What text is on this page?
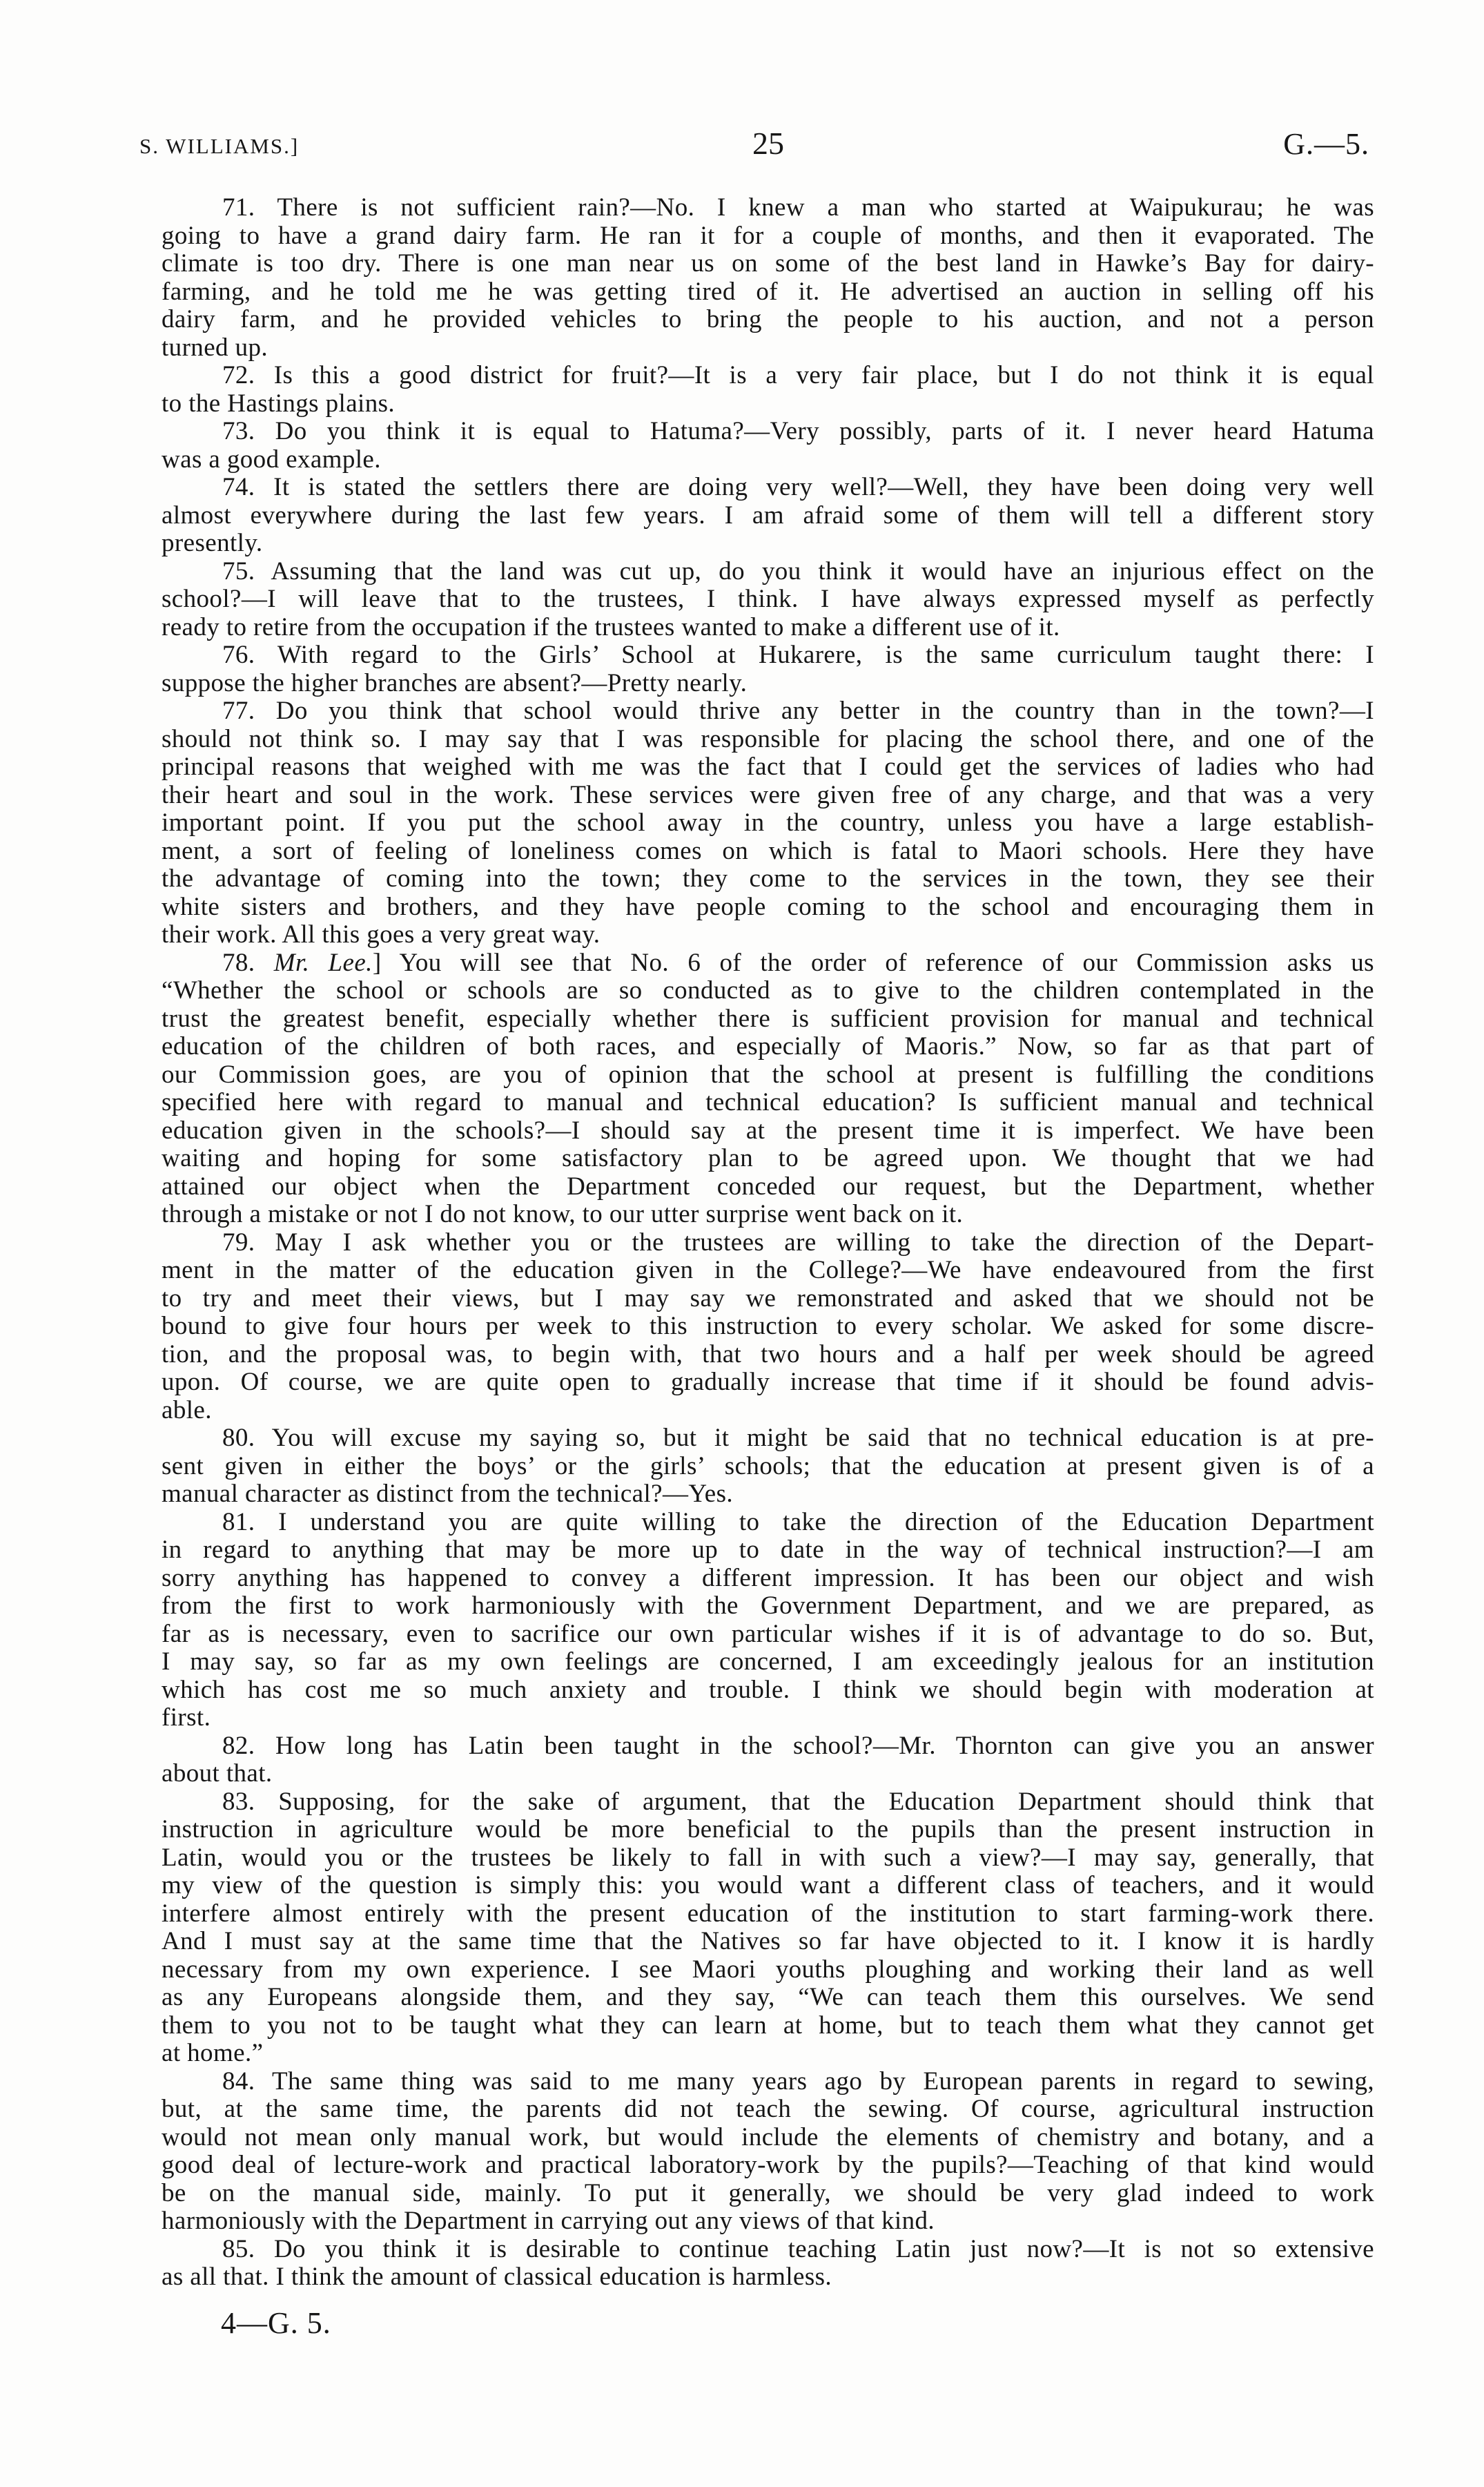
S. WILLIAMS.]	25	G.—5.
71. There is not sufficient rain?—No. I knew a man who started at Waipukurau; he was
going to have a grand dairy farm. He ran it for a couple of months, and then it evaporated. The
climate is too dry. There is one man near us on some of the best land in Hawke’s Bay for dairy-
farming, and he told me he was getting tired of it. He advertised an auction in selling off his
dairy farm, and he provided vehicles to bring the people to his auction, and not a person
turned up.
72. Is this a good district for fruit?—It is a very fair place, but I do not think it is equal
to the Hastings plains.
73. Do you think it is equal to Hatuma?—Very possibly, parts of it. I never heard Hatuma
was a good example.
74. It is stated the settlers there are doing very well?—Well, they have been doing very well
almost everywhere during the last few years. I am afraid some of them will tell a different story
presently.
75. Assuming that the land was cut up, do you think it would have an injurious effect on the
school?—I will leave that to the trustees, I think. I have always expressed myself as perfectly
ready to retire from the occupation if the trustees wanted to make a different use of it.
76. With regard to the Girls’ School at Hukarere, is the same curriculum taught there: I
suppose the higher branches are absent?—Pretty nearly.
77. Do you think that school would thrive any better in the country than in the town?—I
should not think so. I may say that I was responsible for placing the school there, and one of the
principal reasons that weighed with me was the fact that I could get the services of ladies who had
their heart and soul in the work. These services were given free of any charge, and that was a very
important point. If you put the school away in the country, unless you have a large establish-
ment, a sort of feeling of loneliness comes on which is fatal to Maori schools. Here they have
the advantage of coming into the town; they come to the services in the town, they see their
white sisters and brothers, and they have people coming to the school and encouraging them in
their work. All this goes a very great way.
78. Mr. Lee.] You will see that No. 6 of the order of reference of our Commission asks us
“Whether the school or schools are so conducted as to give to the children contemplated in the
trust the greatest benefit, especially whether there is sufficient provision for manual and technical
education of the children of both races, and especially of Maoris.” Now, so far as that part of
our Commission goes, are you of opinion that the school at present is fulfilling the conditions
specified here with regard to manual and technical education? Is sufficient manual and technical
education given in the schools?—I should say at the present time it is imperfect. We have been
waiting and hoping for some satisfactory plan to be agreed upon. We thought that we had
attained our object when the Department conceded our request, but the Department, whether
through a mistake or not I do not know, to our utter surprise went back on it.
79. May I ask whether you or the trustees are willing to take the direction of the Depart-
ment in the matter of the education given in the College?—We have endeavoured from the first
to try and meet their views, but I may say we remonstrated and asked that we should not be
bound to give four hours per week to this instruction to every scholar. We asked for some discre-
tion, and the proposal was, to begin with, that two hours and a half per week should be agreed
upon. Of course, we are quite open to gradually increase that time if it should be found advis-
able.
80. You will excuse my saying so, but it might be said that no technical education is at pre-
sent given in either the boys’ or the girls’ schools; that the education at present given is of a
manual character as distinct from the technical?—Yes.
81. I understand you are quite willing to take the direction of the Education Department
in regard to anything that may be more up to date in the way of technical instruction?—I am
sorry anything has happened to convey a different impression. It has been our object and wish
from the first to work harmoniously with the Government Department, and we are prepared, as
far as is necessary, even to sacrifice our own particular wishes if it is of advantage to do so. But,
I may say, so far as my own feelings are concerned, I am exceedingly jealous for an institution
which has cost me so much anxiety and trouble. I think we should begin with moderation at
first.
82. How long has Latin been taught in the school?—Mr. Thornton can give you an answer
about that.
83. Supposing, for the sake of argument, that the Education Department should think that
instruction in agriculture would be more beneficial to the pupils than the present instruction in
Latin, would you or the trustees be likely to fall in with such a view?—I may say, generally, that
my view of the question is simply this: you would want a different class of teachers, and it would
interfere almost entirely with the present education of the institution to start farming-work there.
And I must say at the same time that the Natives so far have objected to it. I know it is hardly
necessary from my own experience. I see Maori youths ploughing and working their land as well
as any Europeans alongside them, and they say, “We can teach them this ourselves. We send
them to you not to be taught what they can learn at home, but to teach them what they cannot get
at home.”
84. The same thing was said to me many years ago by European parents in regard to sewing,
but, at the same time, the parents did not teach the sewing. Of course, agricultural instruction
would not mean only manual work, but would include the elements of chemistry and botany, and a
good deal of lecture-work and practical laboratory-work by the pupils?—Teaching of that kind would
be on the manual side, mainly. To put it generally, we should be very glad indeed to work
harmoniously with the Department in carrying out any views of that kind.
85. Do you think it is desirable to continue teaching Latin just now?—It is not so extensive
as all that. I think the amount of classical education is harmless.
4—G. 5.
